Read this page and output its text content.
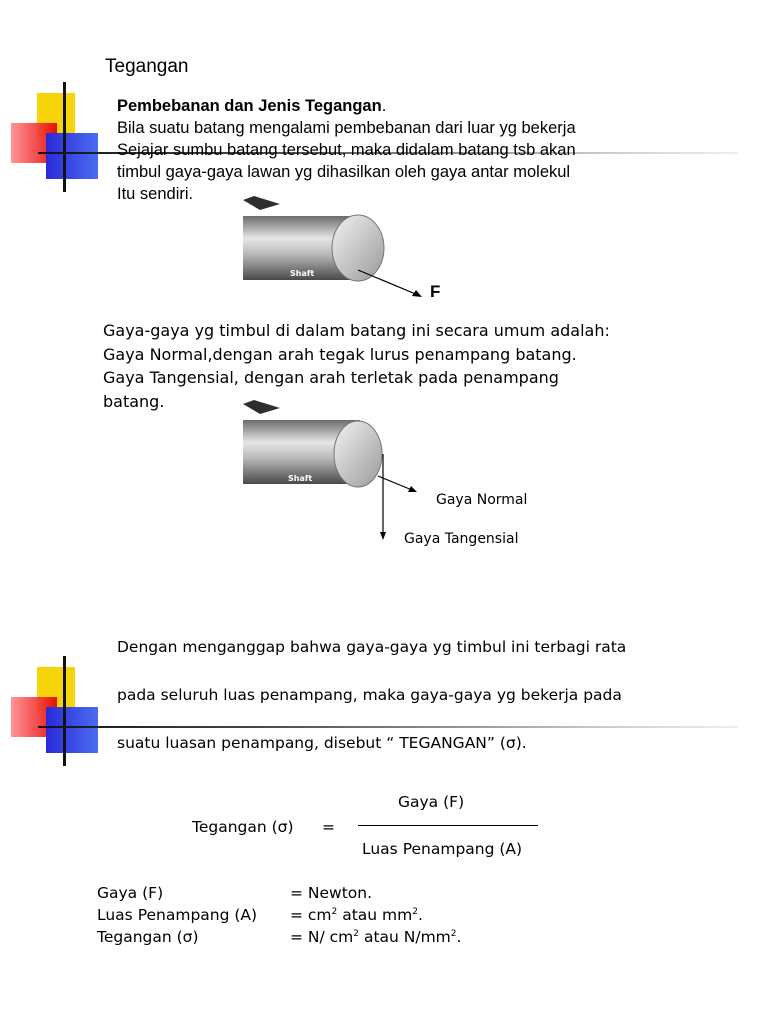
Tegangan
Pembebanan dan Jenis Tegangan.
Bila suatu batang mengalami pembebanan dari luar yg bekerja
Sejajar sumbu batang tersebut, maka didalam batang tsb akan
timbul gaya-gaya lawan yg dihasilkan oleh gaya antar molekul
Itu sendiri.
Shaft
F
Gaya-gaya yg timbul di dalam batang ini secara umum adalah:
Gaya Normal,dengan arah tegak lurus penampang batang.
Gaya Tangensial, dengan arah terletak pada penampang
batang.
Shaft
Gaya Normal
Gaya Tangensial
Dengan menganggap bahwa gaya-gaya yg timbul ini terbagi rata
pada seluruh luas penampang, maka gaya-gaya yg bekerja pada
suatu luasan penampang, disebut “ TEGANGAN” (σ).
Tegangan (σ) =
Gaya (F)
Luas Penampang (A)
Gaya (F)	= Newton.
Luas Penampang (A)	= $cm^2$ atau $mm^2$.
Tegangan (σ)	= N/ $cm^2$ atau $N/mm^2$.
